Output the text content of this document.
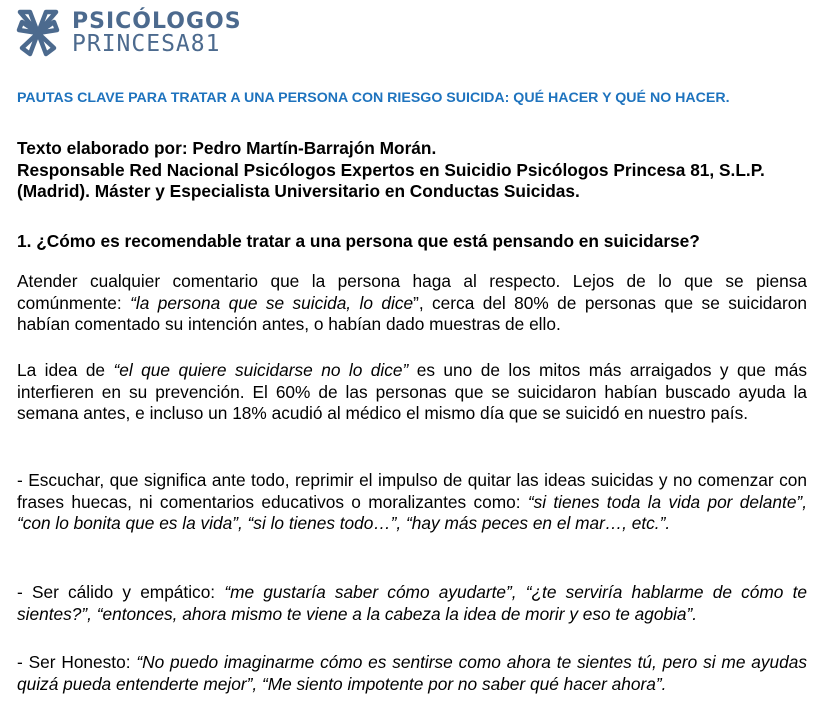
PSICÓLOGOS
PRINCESA81
PAUTAS CLAVE PARA TRATAR A UNA PERSONA CON RIESGO SUICIDA: QUÉ HACER Y QUÉ NO HACER.

Texto elaborado por: Pedro Martín-Barrajón Morán.
Responsable Red Nacional Psicólogos Expertos en Suicidio Psicólogos Princesa 81, S.L.P. (Madrid). Máster y Especialista Universitario en Conductas Suicidas.

1. ¿Cómo es recomendable tratar a una persona que está pensando en suicidarse?

Atender cualquier comentario que la persona haga al respecto. Lejos de lo que se piensa comúnmente: “la persona que se suicida, lo dice”, cerca del 80% de personas que se suicidaron habían comentado su intención antes, o habían dado muestras de ello.

La idea de “el que quiere suicidarse no lo dice” es uno de los mitos más arraigados y que más interfieren en su prevención. El 60% de las personas que se suicidaron habían buscado ayuda la semana antes, e incluso un 18% acudió al médico el mismo día que se suicidó en nuestro país.

- Escuchar, que significa ante todo, reprimir el impulso de quitar las ideas suicidas y no comenzar con frases huecas, ni comentarios educativos o moralizantes como: “si tienes toda la vida por delante”, “con lo bonita que es la vida”, “si lo tienes todo…”, “hay más peces en el mar…, etc.”.

- Ser cálido y empático: “me gustaría saber cómo ayudarte”, “¿te serviría hablarme de cómo te sientes?”, “entonces, ahora mismo te viene a la cabeza la idea de morir y eso te agobia”.

- Ser Honesto: “No puedo imaginarme cómo es sentirse como ahora te sientes tú, pero si me ayudas quizá pueda entenderte mejor”, “Me siento impotente por no saber qué hacer ahora”.
